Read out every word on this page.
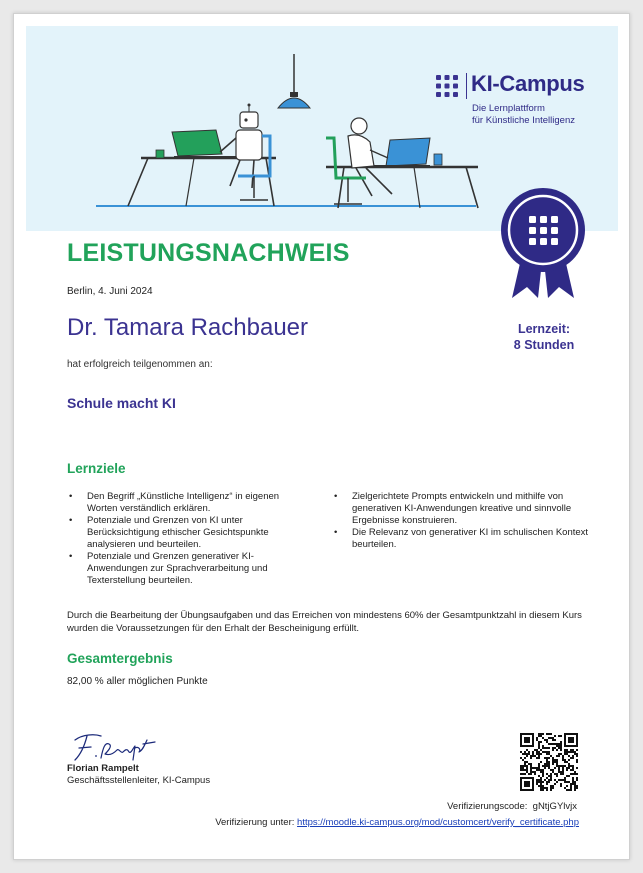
KI-Campus
Die Lernplattform
für Künstliche Intelligenz
Lernzeit:
8 Stunden
LEISTUNGSNACHWEIS
Berlin, 4. Juni 2024
Dr. Tamara Rachbauer
hat erfolgreich teilgenommen an:
Schule macht KI
Lernziele
• Den Begriff „Künstliche Intelligenz“ in eigenen Worten verständlich erklären.
• Potenziale und Grenzen von KI unter Berücksichtigung ethischer Gesichtspunkte analysieren und beurteilen.
• Potenziale und Grenzen generativer KI-Anwendungen zur Sprachverarbeitung und Texterstellung beurteilen.
• Zielgerichtete Prompts entwickeln und mithilfe von generativen KI-Anwendungen kreative und sinnvolle Ergebnisse konstruieren.
• Die Relevanz von generativer KI im schulischen Kontext beurteilen.
Durch die Bearbeitung der Übungsaufgaben und das Erreichen von mindestens 60% der Gesamtpunktzahl in diesem Kurs wurden die Voraussetzungen für den Erhalt der Bescheinigung erfüllt.
Gesamtergebnis
82,00 % aller möglichen Punkte
Florian Rampelt
Geschäftsstellenleiter, KI-Campus
Verifizierungscode: gNtjGYlvjx
Verifizierung unter: https://moodle.ki-campus.org/mod/customcert/verify_certificate.php
